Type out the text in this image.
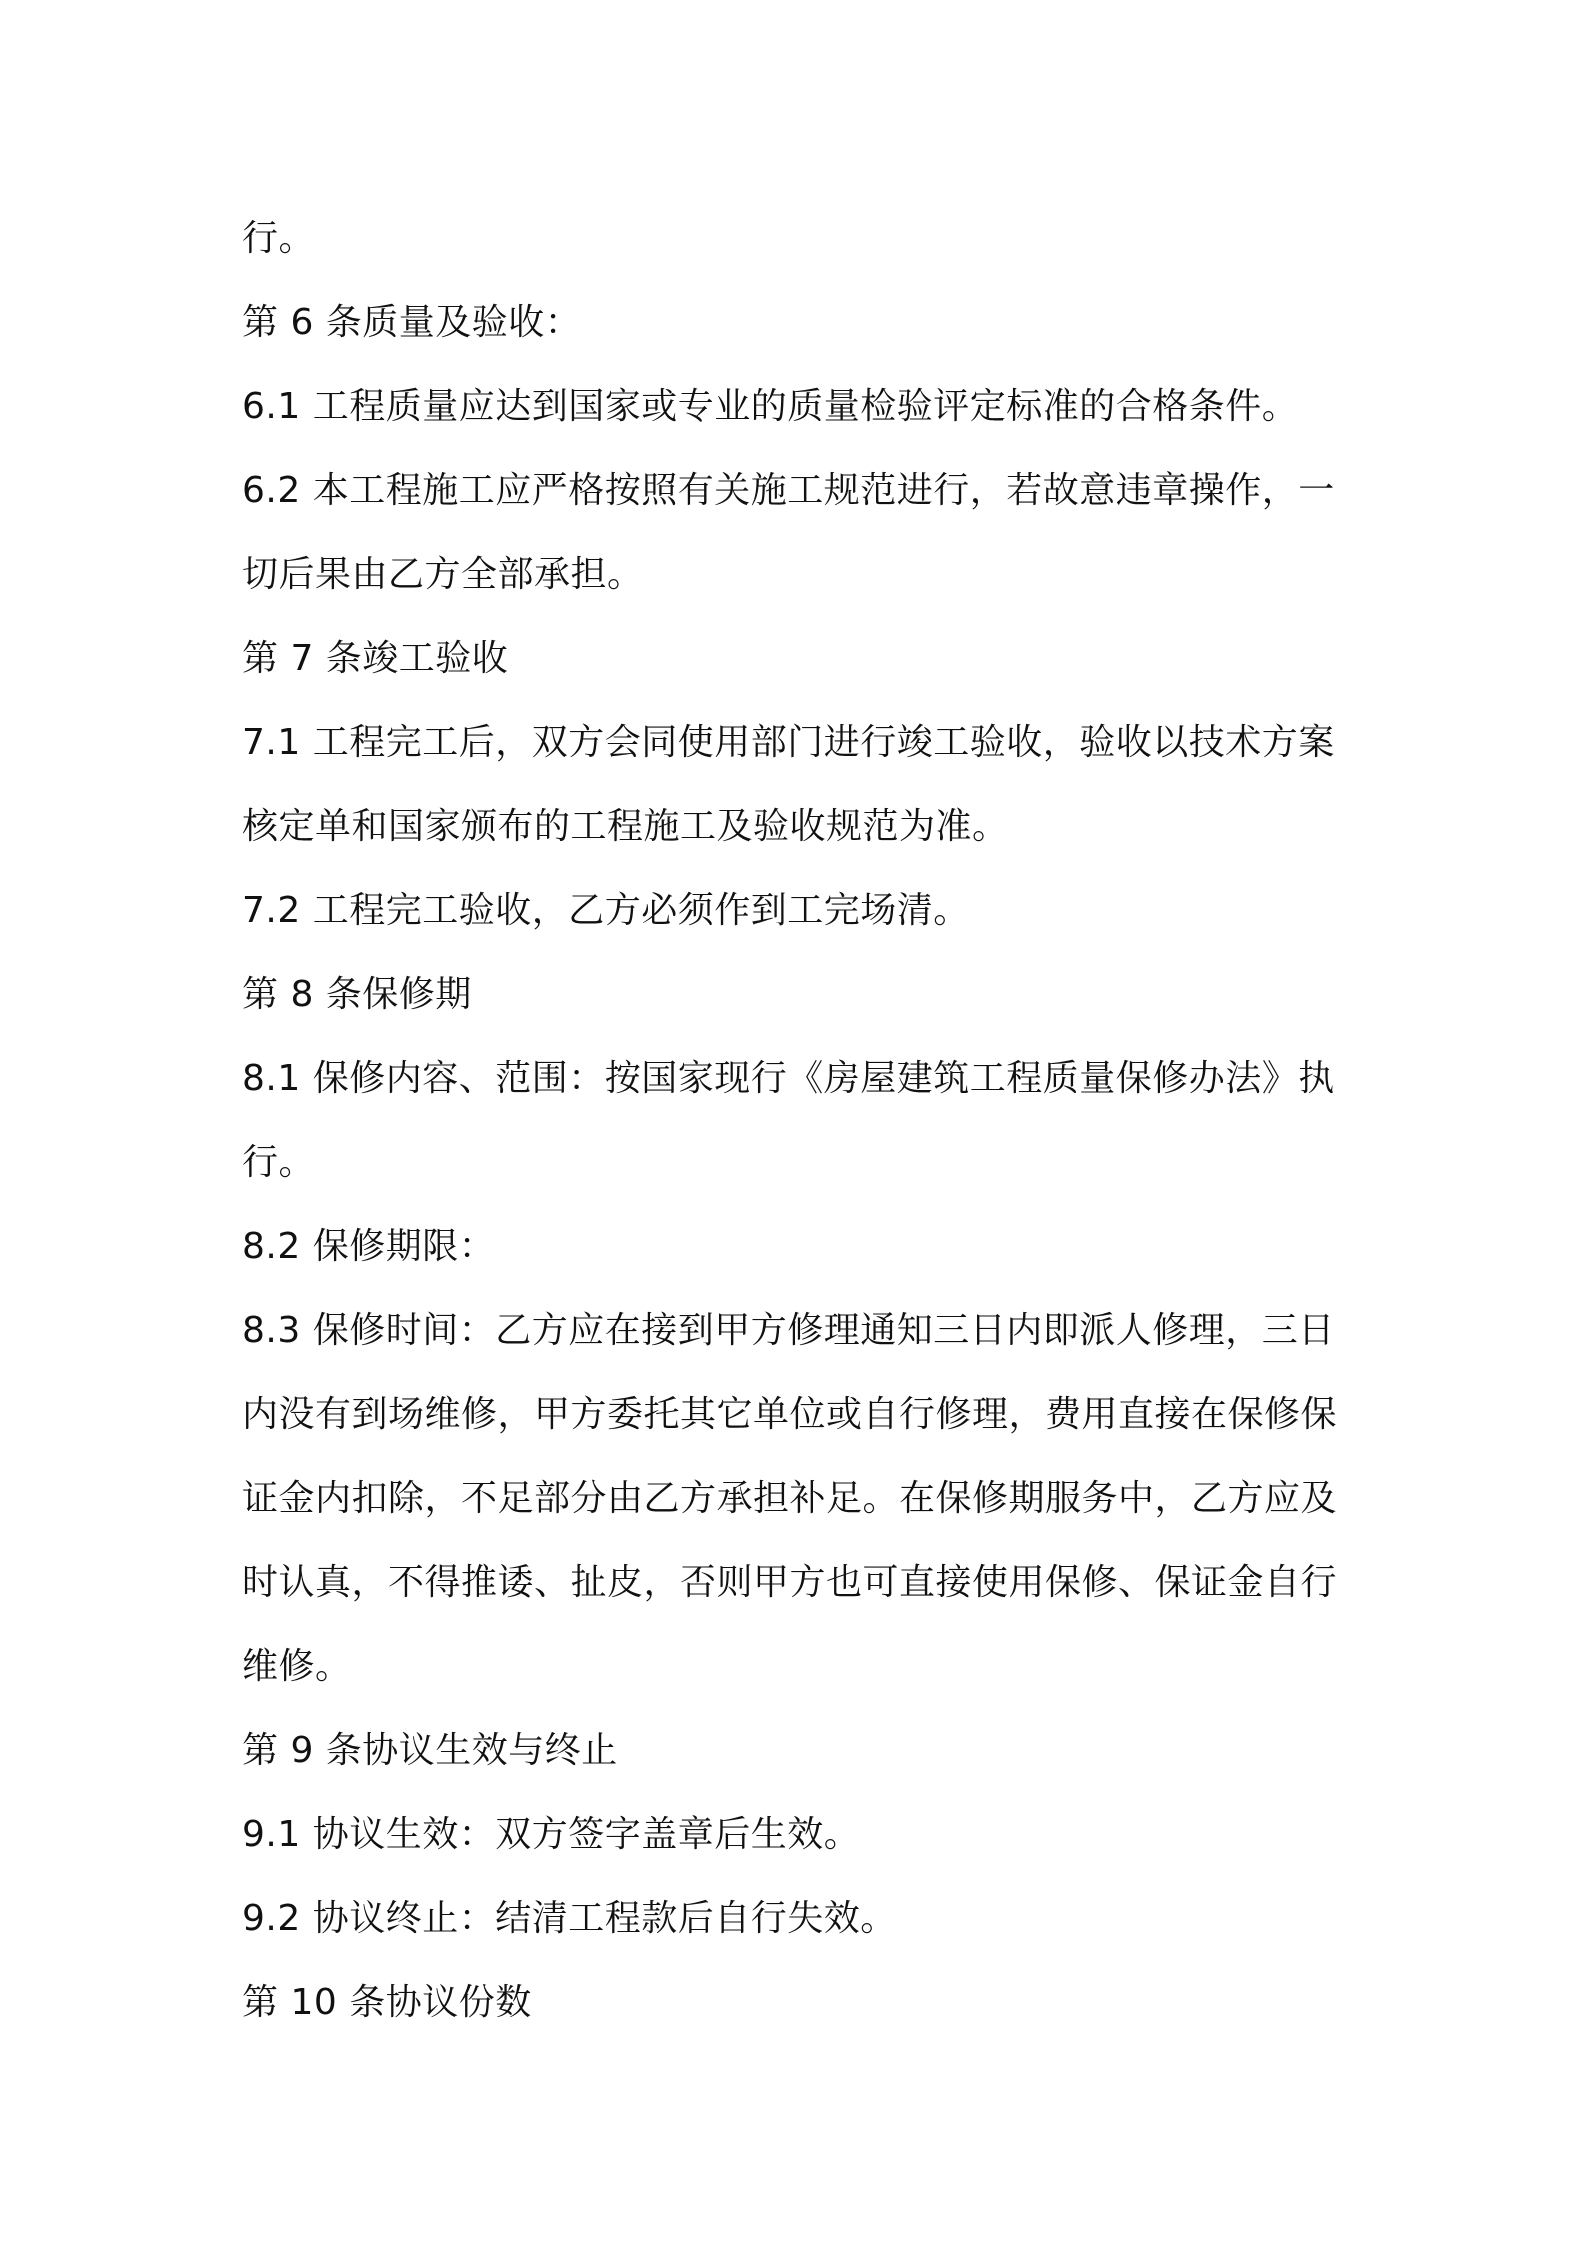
行。
第 6 条质量及验收：
6.1 工程质量应达到国家或专业的质量检验评定标准的合格条件。
6.2 本工程施工应严格按照有关施工规范进行，若故意违章操作，一
切后果由乙方全部承担。
第 7 条竣工验收
7.1 工程完工后，双方会同使用部门进行竣工验收，验收以技术方案
核定单和国家颁布的工程施工及验收规范为准。
7.2 工程完工验收，乙方必须作到工完场清。
第 8 条保修期
8.1 保修内容、范围：按国家现行《房屋建筑工程质量保修办法》执
行。
8.2 保修期限：
8.3 保修时间：乙方应在接到甲方修理通知三日内即派人修理，三日
内没有到场维修，甲方委托其它单位或自行修理，费用直接在保修保
证金内扣除，不足部分由乙方承担补足。在保修期服务中，乙方应及
时认真，不得推诿、扯皮，否则甲方也可直接使用保修、保证金自行
维修。
第 9 条协议生效与终止
9.1 协议生效：双方签字盖章后生效。
9.2 协议终止：结清工程款后自行失效。
第 10 条协议份数
